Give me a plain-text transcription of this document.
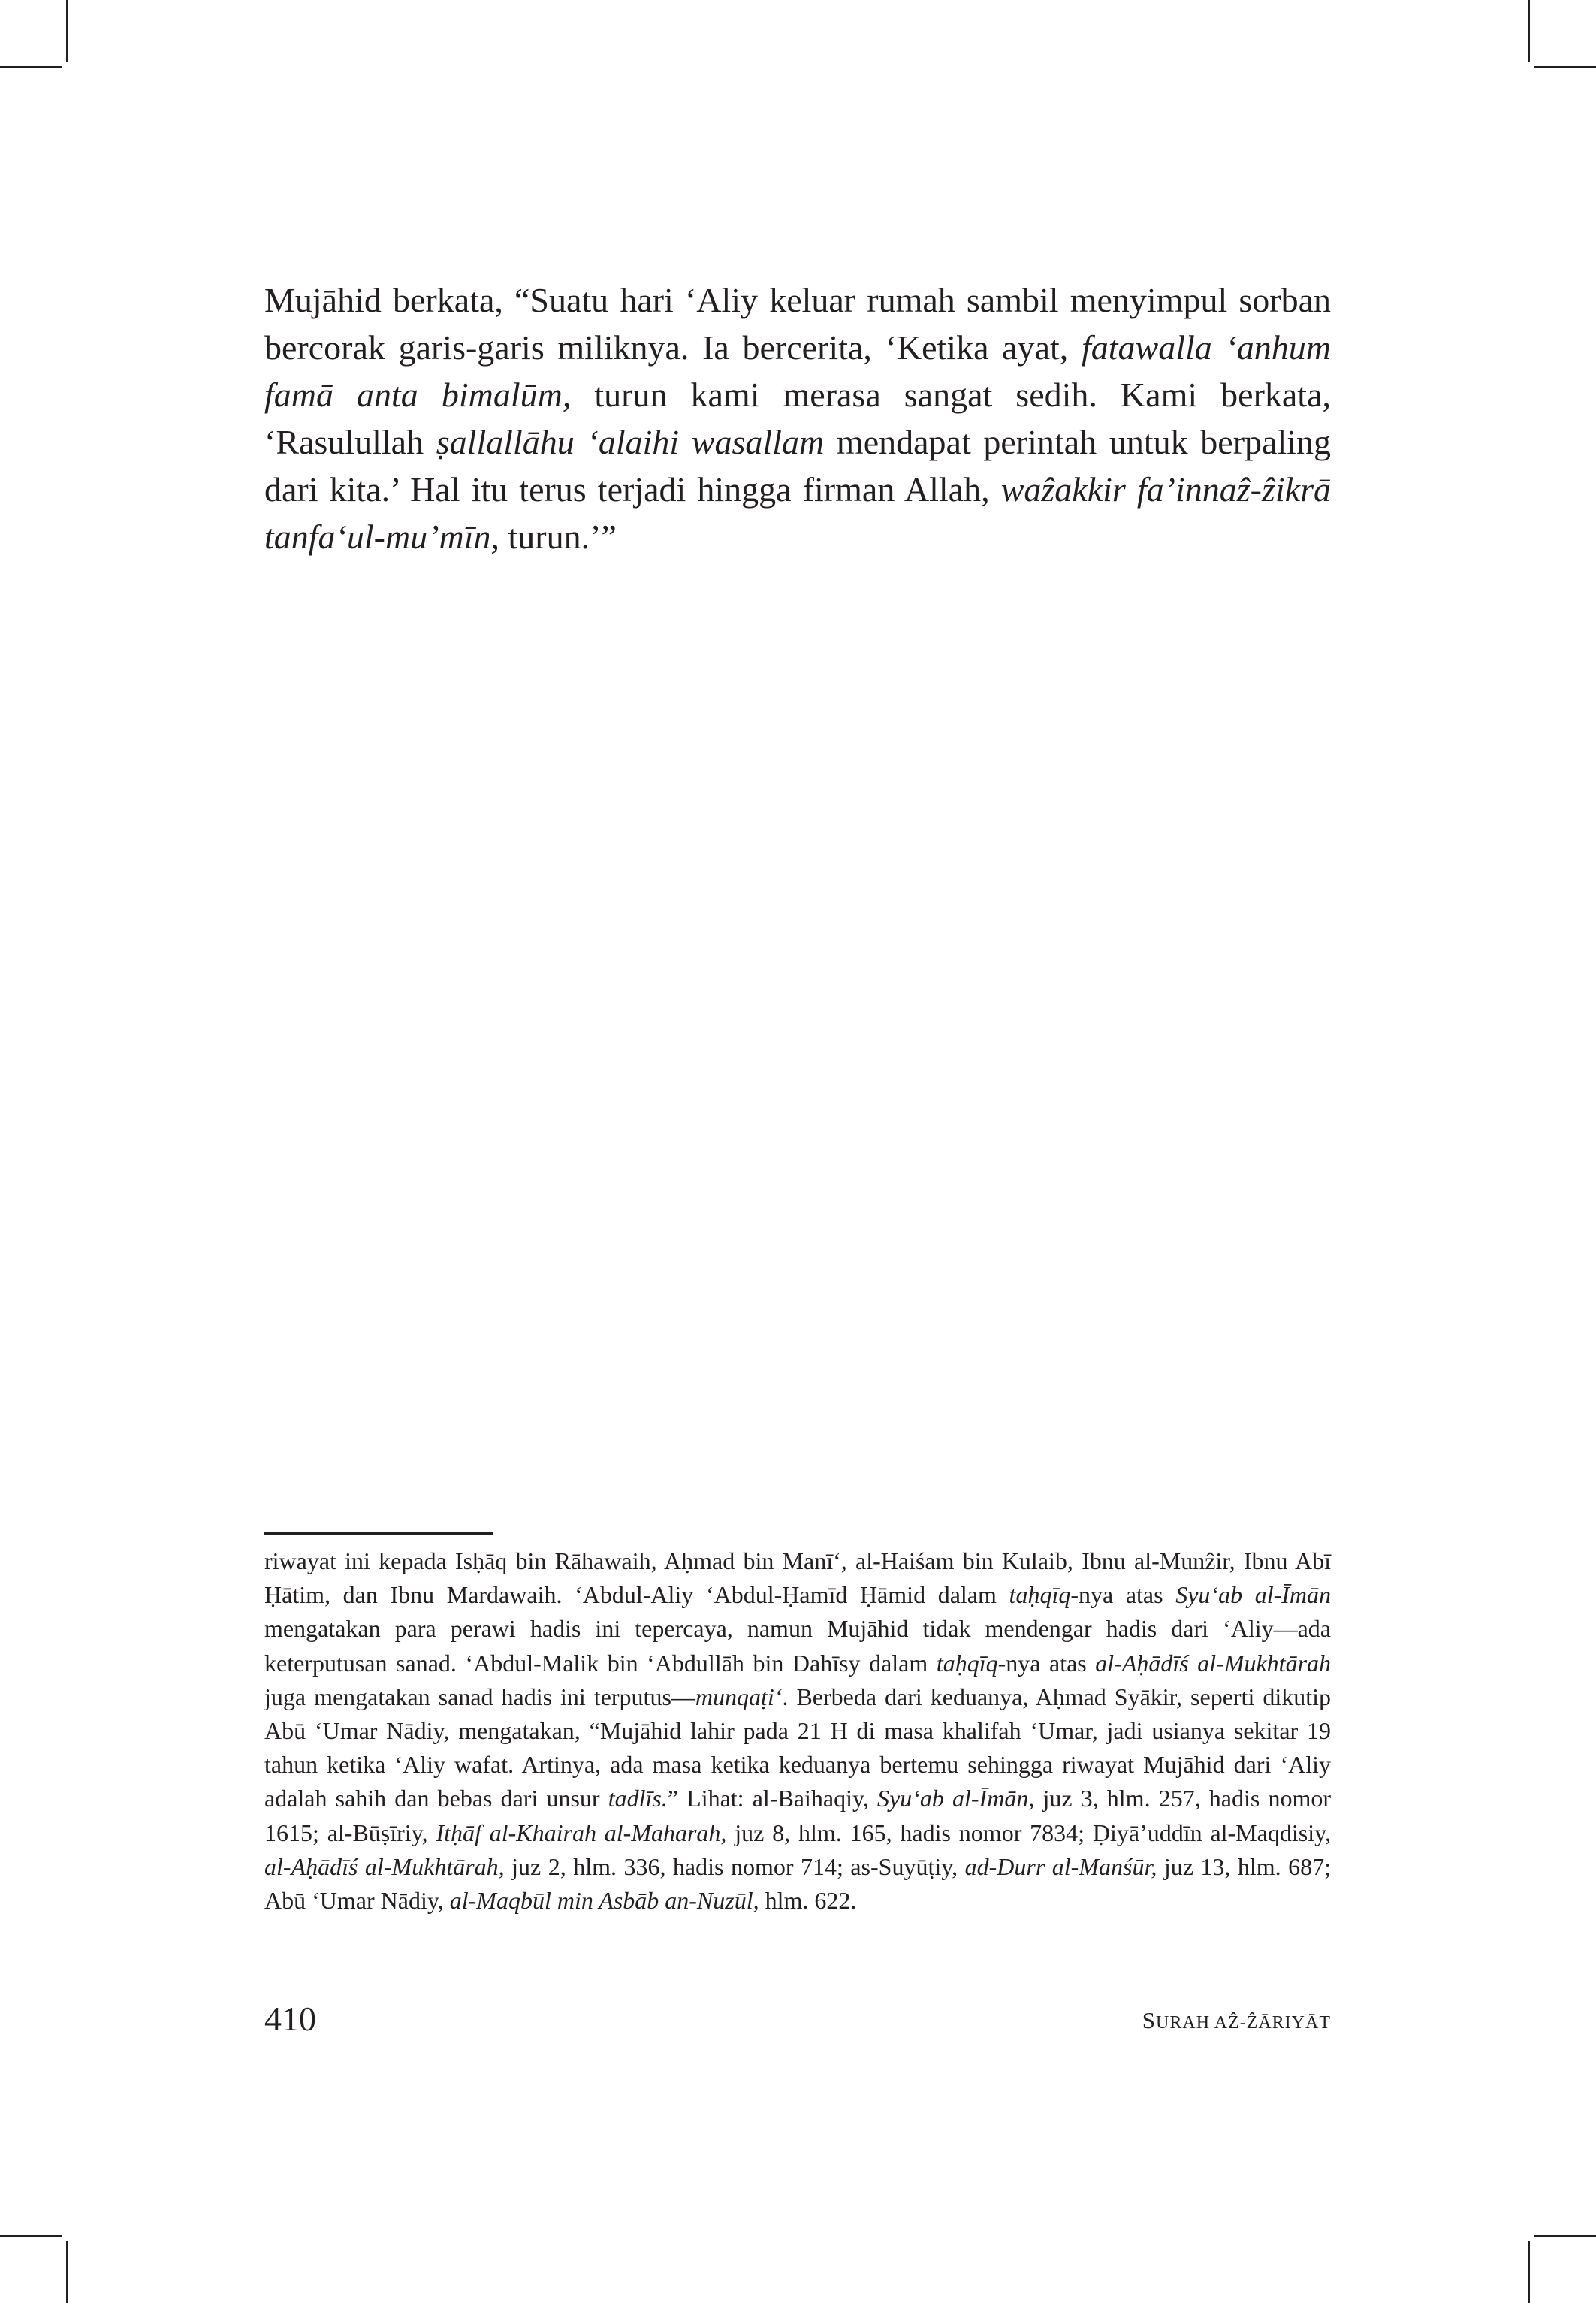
Mujāhid berkata, “Suatu hari ‘Aliy keluar rumah sambil menyimpul sorban bercorak garis-garis miliknya. Ia bercerita, ‘Ketika ayat, fatawalla ‘anhum famā anta bimalūm, turun kami merasa sangat sedih. Kami berkata, ‘Rasulullah ṣallallāhu ‘alaihi wasallam mendapat perintah untuk berpaling dari kita.’ Hal itu terus terjadi hingga firman Allah, waẑakkir fa’innaẑ-ẑikrā tanfa‘ul-mu’mīn, turun.’”

riwayat ini kepada Isḥāq bin Rāhawaih, Aḥmad bin Manī‘, al-Haiśam bin Kulaib, Ibnu al-Munẑir, Ibnu Abī Ḥātim, dan Ibnu Mardawaih. ‘Abdul-Aliy ‘Abdul-Ḥamīd Ḥāmid dalam taḥqīq-nya atas Syu‘ab al-Īmān mengatakan para perawi hadis ini tepercaya, namun Mujāhid tidak mendengar hadis dari ‘Aliy—ada keterputusan sanad. ‘Abdul-Malik bin ‘Abdullāh bin Dahīsy dalam taḥqīq-nya atas al-Aḥādīś al-Mukhtārah juga mengatakan sanad hadis ini terputus—munqaṭi‘. Berbeda dari keduanya, Aḥmad Syākir, seperti dikutip Abū ‘Umar Nādiy, mengatakan, “Mujāhid lahir pada 21 H di masa khalifah ‘Umar, jadi usianya sekitar 19 tahun ketika ‘Aliy wafat. Artinya, ada masa ketika keduanya bertemu sehingga riwayat Mujāhid dari ‘Aliy adalah sahih dan bebas dari unsur tadlīs.” Lihat: al-Baihaqiy, Syu‘ab al-Īmān, juz 3, hlm. 257, hadis nomor 1615; al-Būṣīriy, Itḥāf al-Khairah al-Maharah, juz 8, hlm. 165, hadis nomor 7834; Ḍiyā’uddīn al-Maqdisiy, al-Aḥādīś al-Mukhtārah, juz 2, hlm. 336, hadis nomor 714; as-Suyūṭiy, ad-Durr al-Manśūr, juz 13, hlm. 687; Abū ‘Umar Nādiy, al-Maqbūl min Asbāb an-Nuzūl, hlm. 622.

410	SURAH AẐ-ẐĀRIYĀT
